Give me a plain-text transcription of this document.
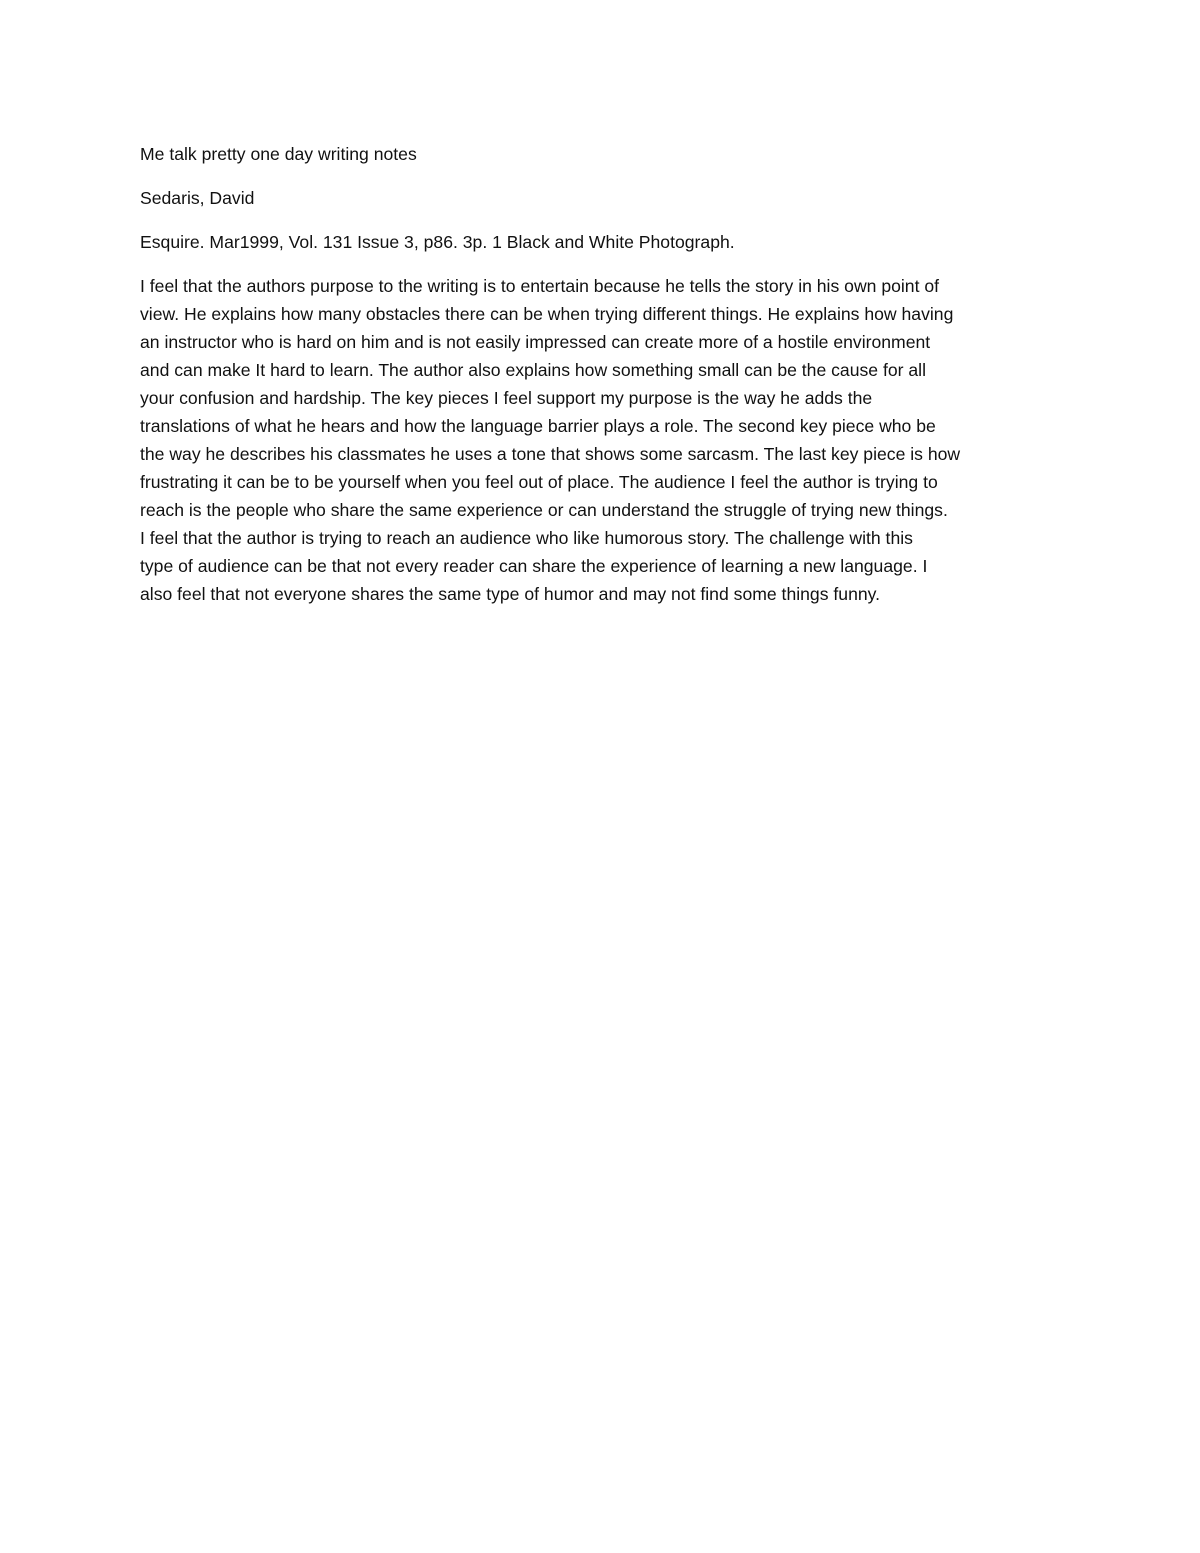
Me talk pretty one day writing notes

Sedaris, David

Esquire. Mar1999, Vol. 131 Issue 3, p86. 3p. 1 Black and White Photograph.

I feel that the authors purpose to the writing is to entertain because he tells the story in his own point of

view. He explains how many obstacles there can be when trying different things. He explains how having

an instructor who is hard on him and is not easily impressed can create more of a hostile environment

and can make It hard to learn. The author also explains how something small can be the cause for all

your confusion and hardship. The key pieces I feel support my purpose is the way he adds the

translations of what he hears and how the language barrier plays a role. The second key piece who be

the way he describes his classmates he uses a tone that shows some sarcasm. The last key piece is how

frustrating it can be to be yourself when you feel out of place. The audience I feel the author is trying to

reach is the people who share the same experience or can understand the struggle of trying new things.

I feel that the author is trying to reach an audience who like humorous story. The challenge with this

type of audience can be that not every reader can share the experience of learning a new language. I

also feel that not everyone shares the same type of humor and may not find some things funny.
